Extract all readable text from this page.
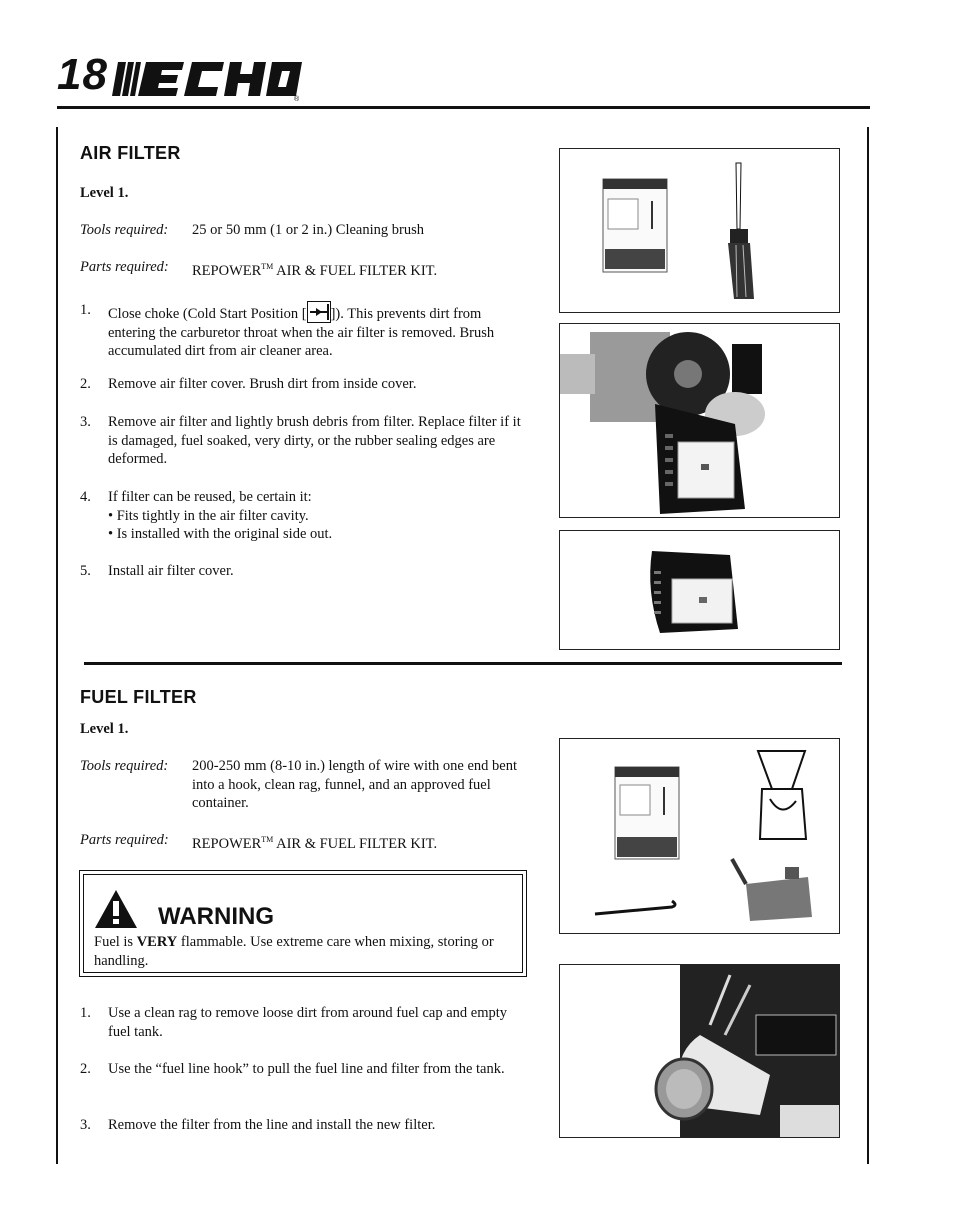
18
®
AIR FILTER
Level 1.
Tools required:	25 or 50 mm (1 or 2 in.) Cleaning brush
Parts required:	REPOWER™ AIR & FUEL FILTER KIT.
1.	Close choke (Cold Start Position [ ]). This prevents dirt from entering the carburetor throat when the air filter is removed. Brush accumulated dirt from air cleaner area.
2.	Remove air filter cover. Brush dirt from inside cover.
3.	Remove air filter and lightly brush debris from filter. Replace filter if it is damaged, fuel soaked, very dirty, or the rubber sealing edges are deformed.
4.	If filter can be reused, be certain it:
• Fits tightly in the air filter cavity.
• Is installed with the original side out.
5.	Install air filter cover.
FUEL FILTER
Level 1.
Tools required:	200-250 mm (8-10 in.) length of wire with one end bent into a hook, clean rag, funnel, and an approved fuel container.
Parts required:	REPOWER™ AIR & FUEL FILTER KIT.
WARNING
Fuel is VERY flammable. Use extreme care when mixing, storing or handling.
1.	Use a clean rag to remove loose dirt from around fuel cap and empty fuel tank.
2.	Use the “fuel line hook” to pull the fuel line and filter from the tank.
3.	Remove the filter from the line and install the new filter.
